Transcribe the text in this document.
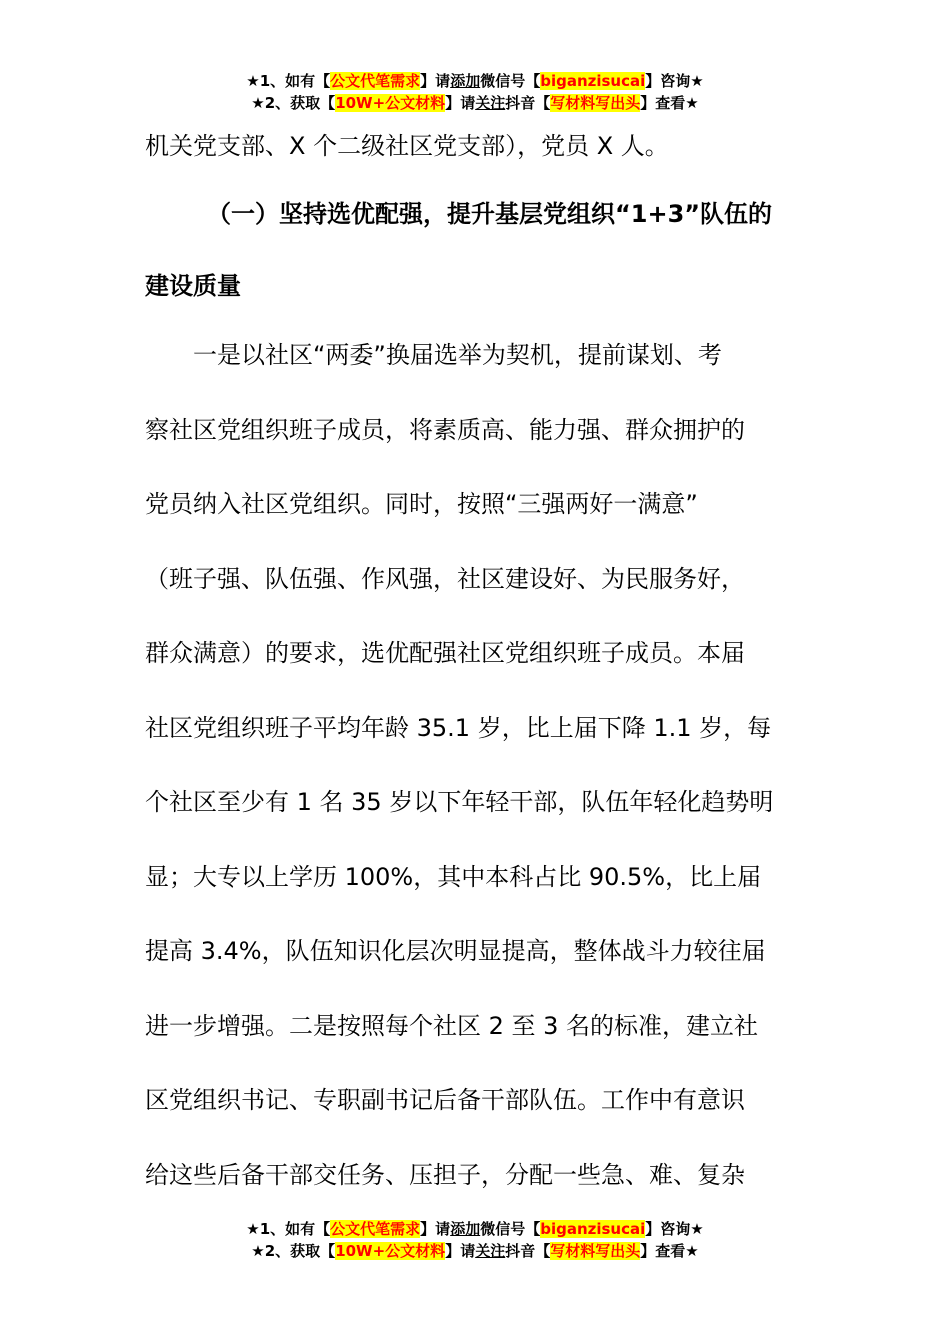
★1、如有【公文代笔需求】请添加微信号【biganzisucai】咨询★
★2、获取【10W+公文材料】请关注抖音【写材料写出头】查看★
机关党支部、X 个二级社区党支部），党员 X 人。
（一）坚持选优配强，提升基层党组织“1+3”队伍的
建设质量
　　一是以社区“两委”换届选举为契机，提前谋划、考
察社区党组织班子成员，将素质高、能力强、群众拥护的
党员纳入社区党组织。同时，按照“三强两好一满意”
（班子强、队伍强、作风强，社区建设好、为民服务好，
群众满意）的要求，选优配强社区党组织班子成员。本届
社区党组织班子平均年龄 35.1 岁，比上届下降 1.1 岁，每
个社区至少有 1 名 35 岁以下年轻干部，队伍年轻化趋势明
显；大专以上学历 100%，其中本科占比 90.5%，比上届
提高 3.4%，队伍知识化层次明显提高，整体战斗力较往届
进一步增强。二是按照每个社区 2 至 3 名的标准，建立社
区党组织书记、专职副书记后备干部队伍。工作中有意识
给这些后备干部交任务、压担子，分配一些急、难、复杂
★1、如有【公文代笔需求】请添加微信号【biganzisucai】咨询★
★2、获取【10W+公文材料】请关注抖音【写材料写出头】查看★
